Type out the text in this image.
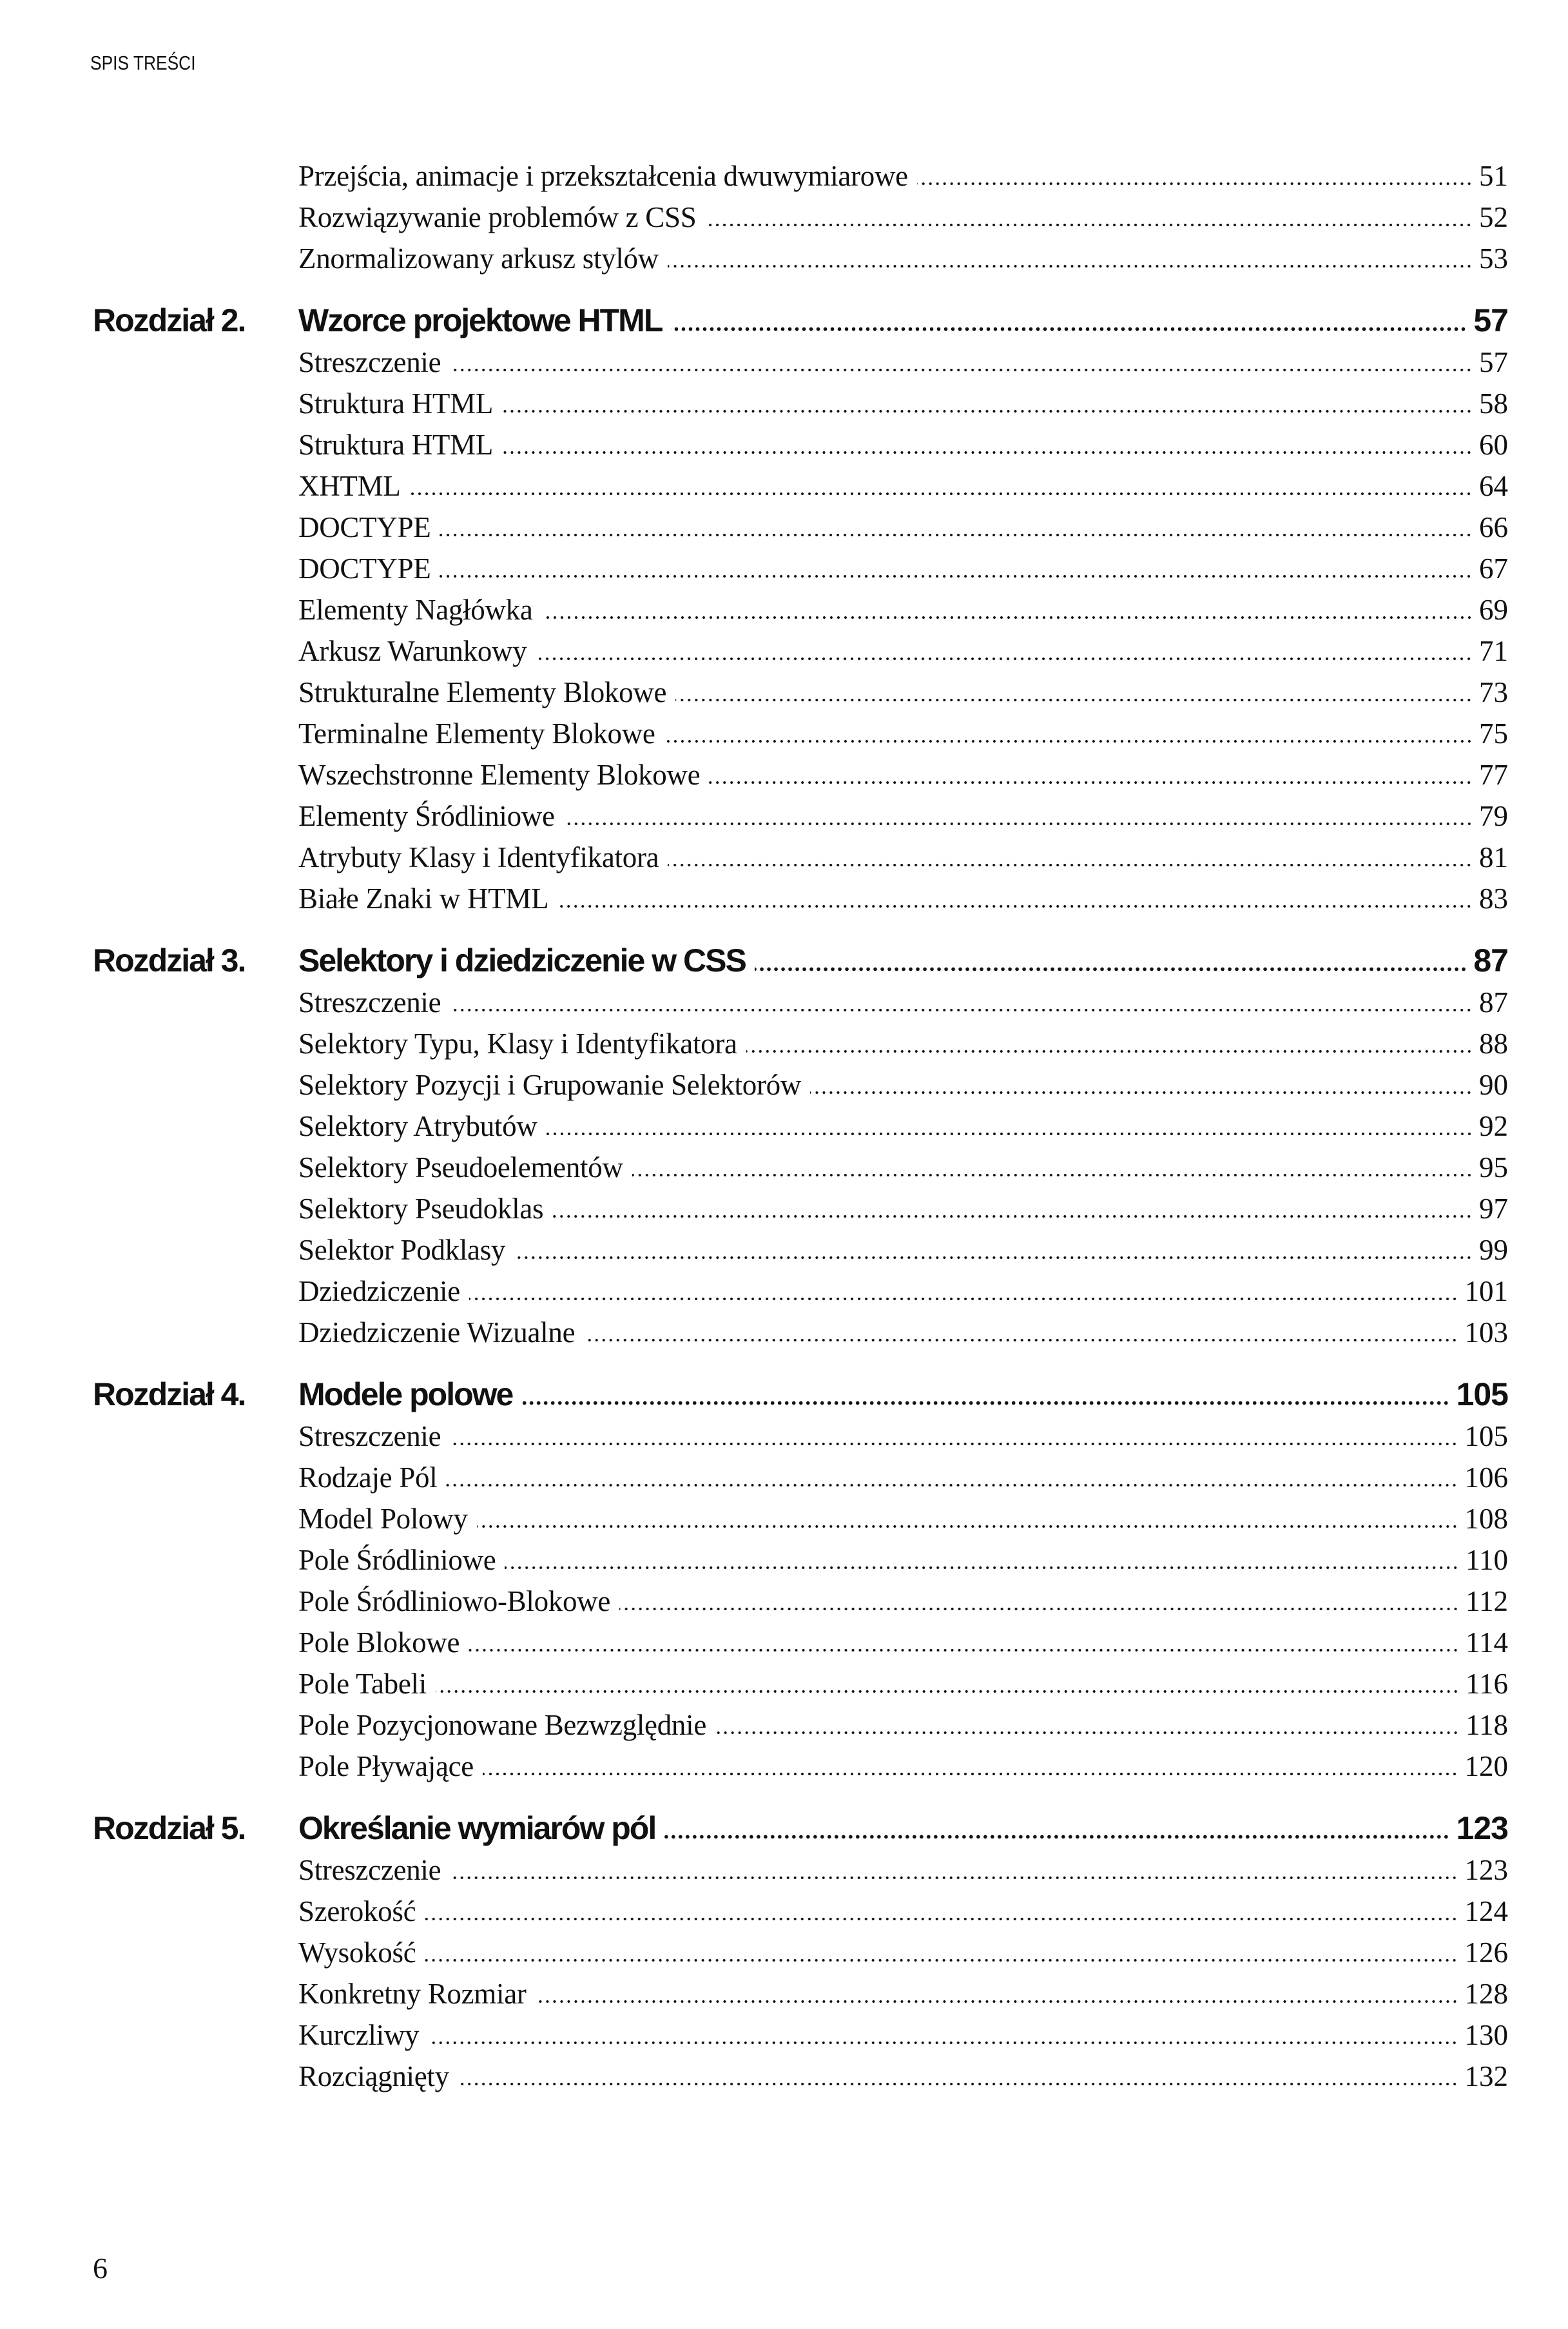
SPIS TREŚCI
Przejścia, animacje i przekształcenia dwuwymiarowe	51
Rozwiązywanie problemów z CSS	52
Znormalizowany arkusz stylów	53
Rozdział 2. Wzorce projektowe HTML	57
Streszczenie	57
Struktura HTML	58
Struktura HTML	60
XHTML	64
DOCTYPE	66
DOCTYPE	67
Elementy Nagłówka	69
Arkusz Warunkowy	71
Strukturalne Elementy Blokowe	73
Terminalne Elementy Blokowe	75
Wszechstronne Elementy Blokowe	77
Elementy Śródliniowe	79
Atrybuty Klasy i Identyfikatora	81
Białe Znaki w HTML	83
Rozdział 3. Selektory i dziedziczenie w CSS	87
Streszczenie	87
Selektory Typu, Klasy i Identyfikatora	88
Selektory Pozycji i Grupowanie Selektorów	90
Selektory Atrybutów	92
Selektory Pseudoelementów	95
Selektory Pseudoklas	97
Selektor Podklasy	99
Dziedziczenie	101
Dziedziczenie Wizualne	103
Rozdział 4. Modele polowe	105
Streszczenie	105
Rodzaje Pól	106
Model Polowy	108
Pole Śródliniowe	110
Pole Śródliniowo-Blokowe	112
Pole Blokowe	114
Pole Tabeli	116
Pole Pozycjonowane Bezwzględnie	118
Pole Pływające	120
Rozdział 5. Określanie wymiarów pól	123
Streszczenie	123
Szerokość	124
Wysokość	126
Konkretny Rozmiar	128
Kurczliwy	130
Rozciągnięty	132
6
